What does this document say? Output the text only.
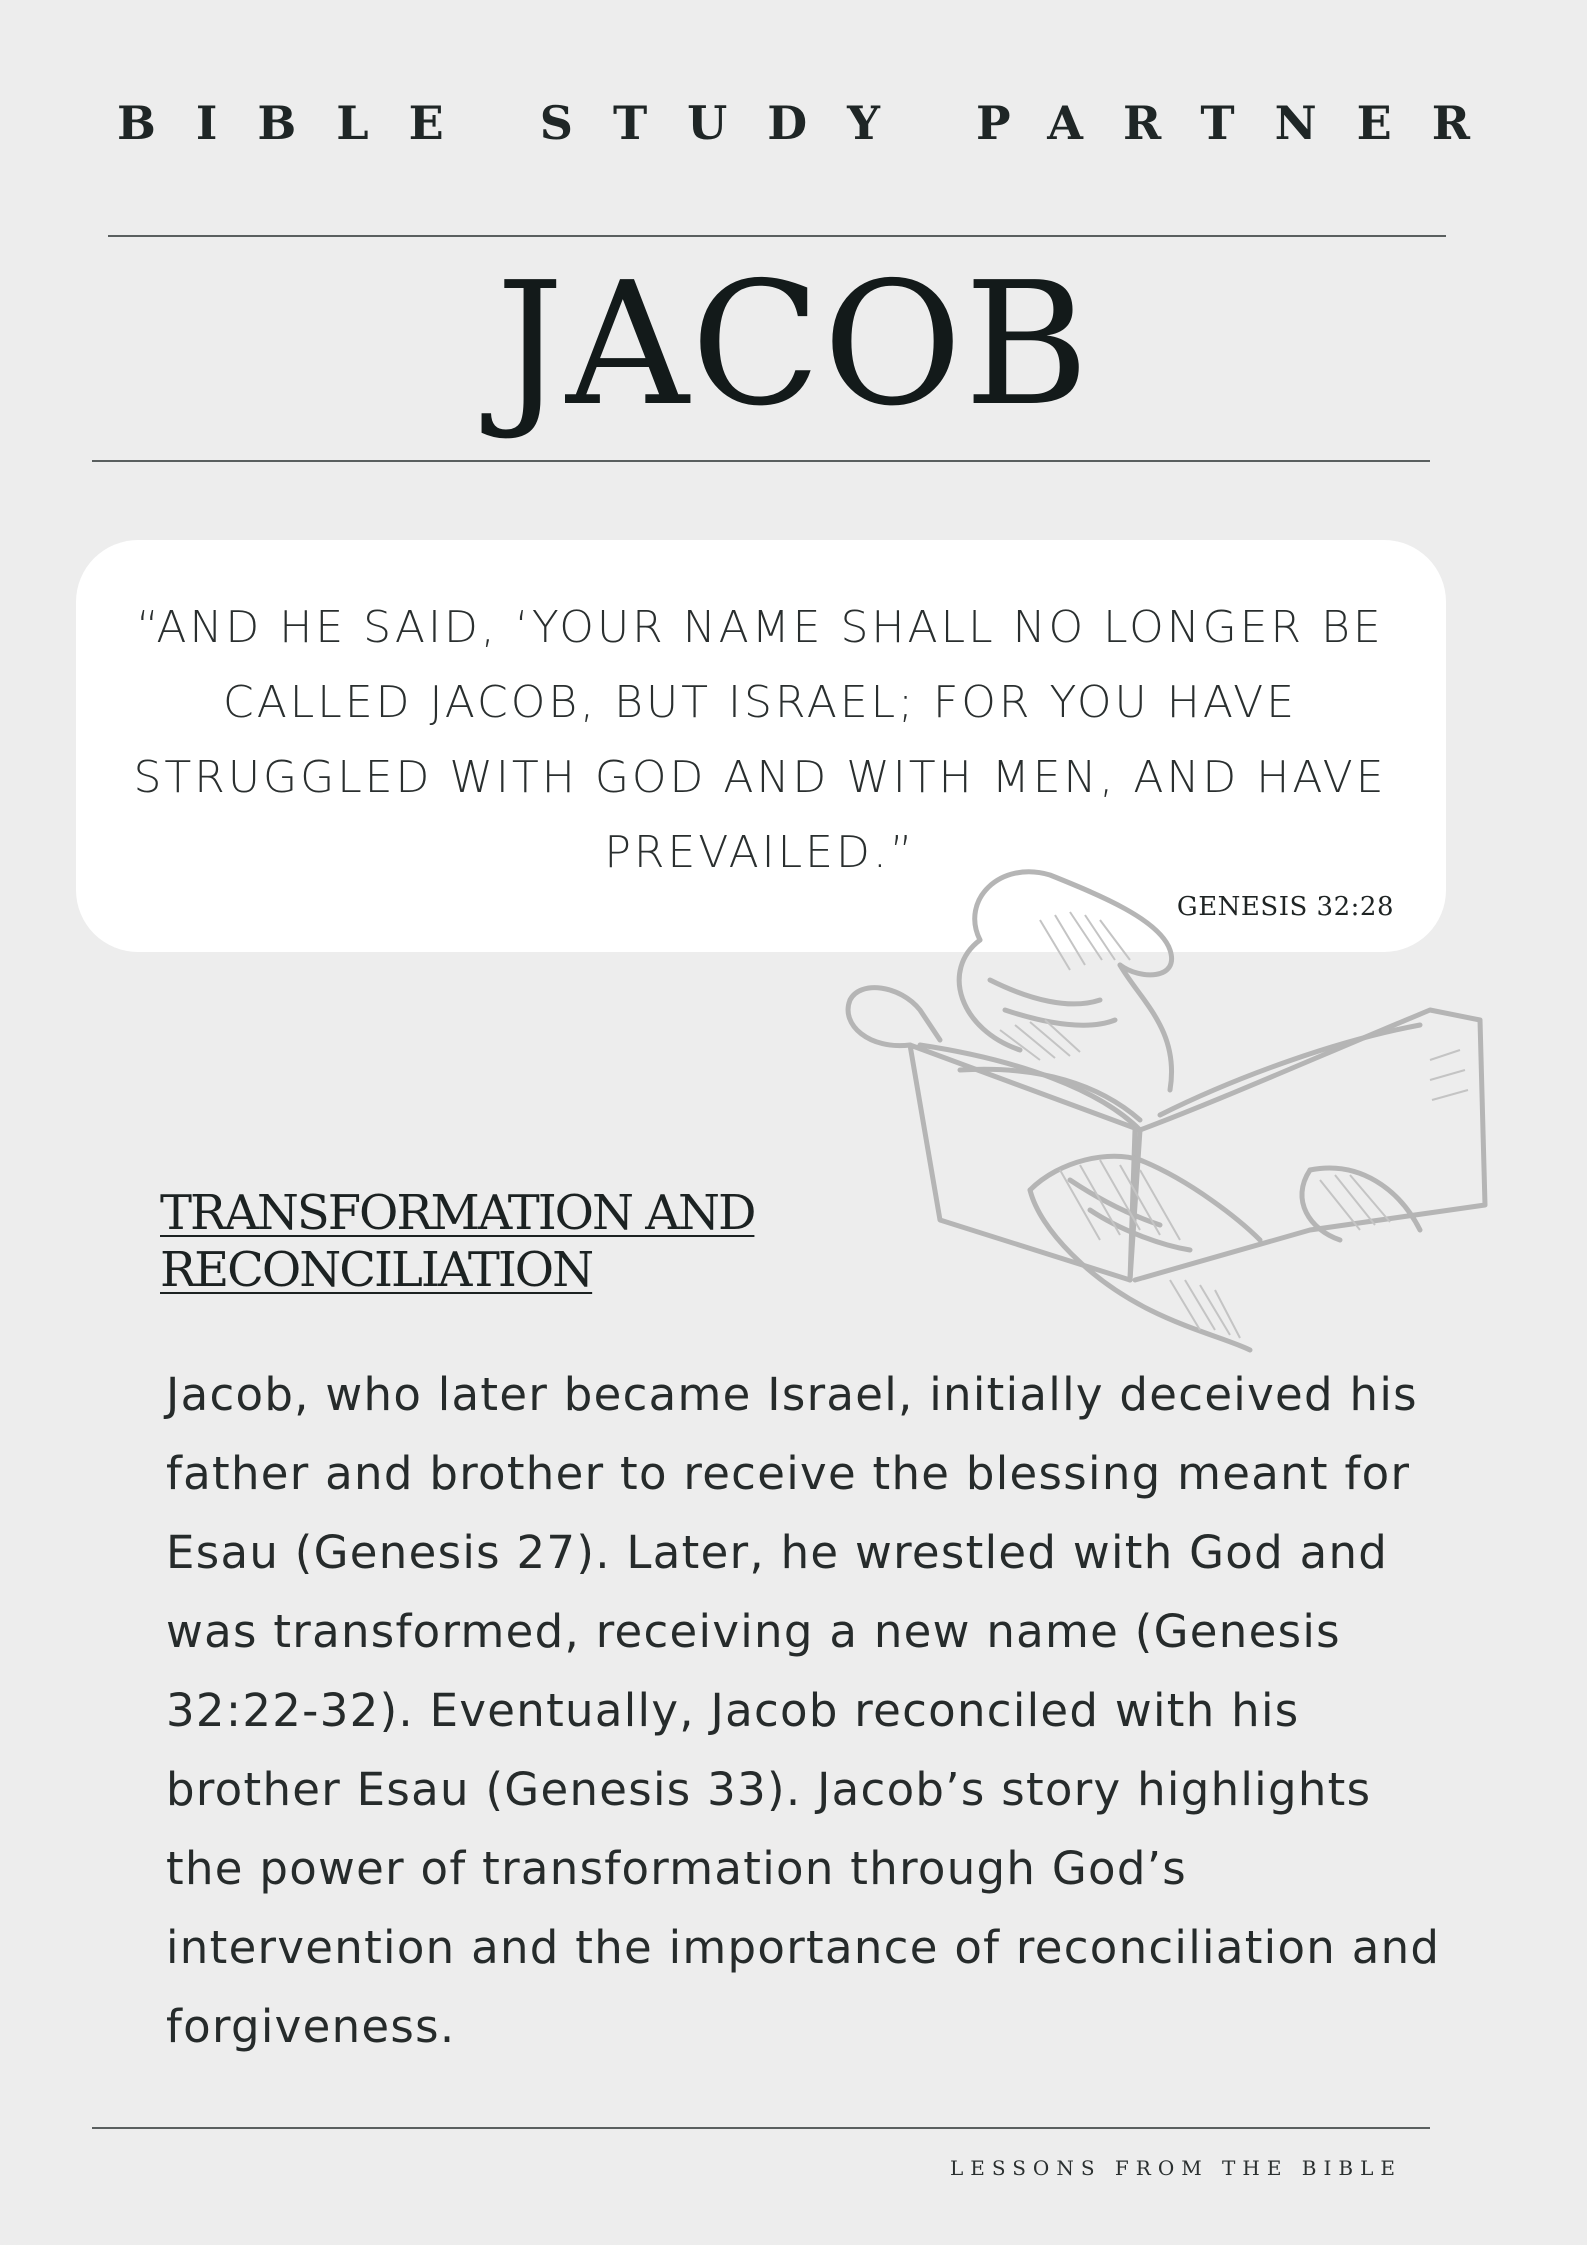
BIBLE STUDY PARTNER
JACOB
“AND HE SAID, ‘YOUR NAME SHALL NO LONGER BE CALLED JACOB, BUT ISRAEL; FOR YOU HAVE STRUGGLED WITH GOD AND WITH MEN, AND HAVE PREVAILED.”
GENESIS 32:28
TRANSFORMATION AND RECONCILIATION

Jacob, who later became Israel, initially deceived his father and brother to receive the blessing meant for Esau (Genesis 27). Later, he wrestled with God and was transformed, receiving a new name (Genesis 32:22-32). Eventually, Jacob reconciled with his brother Esau (Genesis 33). Jacob’s story highlights the power of transformation through God’s intervention and the importance of reconciliation and forgiveness.

LESSONS FROM THE BIBLE
